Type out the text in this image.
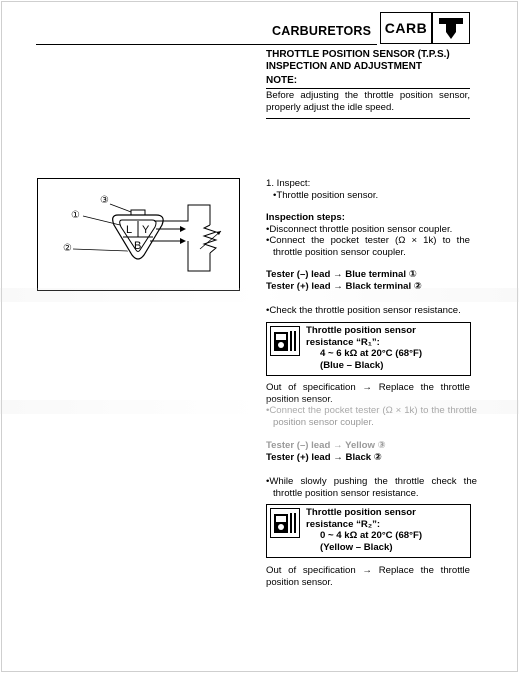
CARBURETORS CARB
THROTTLE POSITION SENSOR (T.P.S.)
INSPECTION AND ADJUSTMENT
NOTE:
Before adjusting the throttle position sensor, properly adjust the idle speed.
①
②
③
L Y
B
1. Inspect:
•Throttle position sensor.
Inspection steps:
•Disconnect throttle position sensor coupler.
•Connect the pocket tester (Ω × 1k) to the throttle position sensor coupler.
Tester (–) lead → Blue terminal ①
Tester (+) lead → Black terminal ②
•Check the throttle position sensor resistance.
Throttle position sensor
resistance “R₁”:
4 ~ 6 kΩ at 20°C (68°F)
(Blue – Black)
Out of specification → Replace the throttle position sensor.
•Connect the pocket tester (Ω × 1k) to the throttle position sensor coupler.
Tester (–) lead → Yellow ③
Tester (+) lead → Black ②
•While slowly pushing the throttle check the throttle position sensor resistance.
Throttle position sensor
resistance “R₂”:
0 ~ 4 kΩ at 20°C (68°F)
(Yellow – Black)
Out of specification → Replace the throttle position sensor.
